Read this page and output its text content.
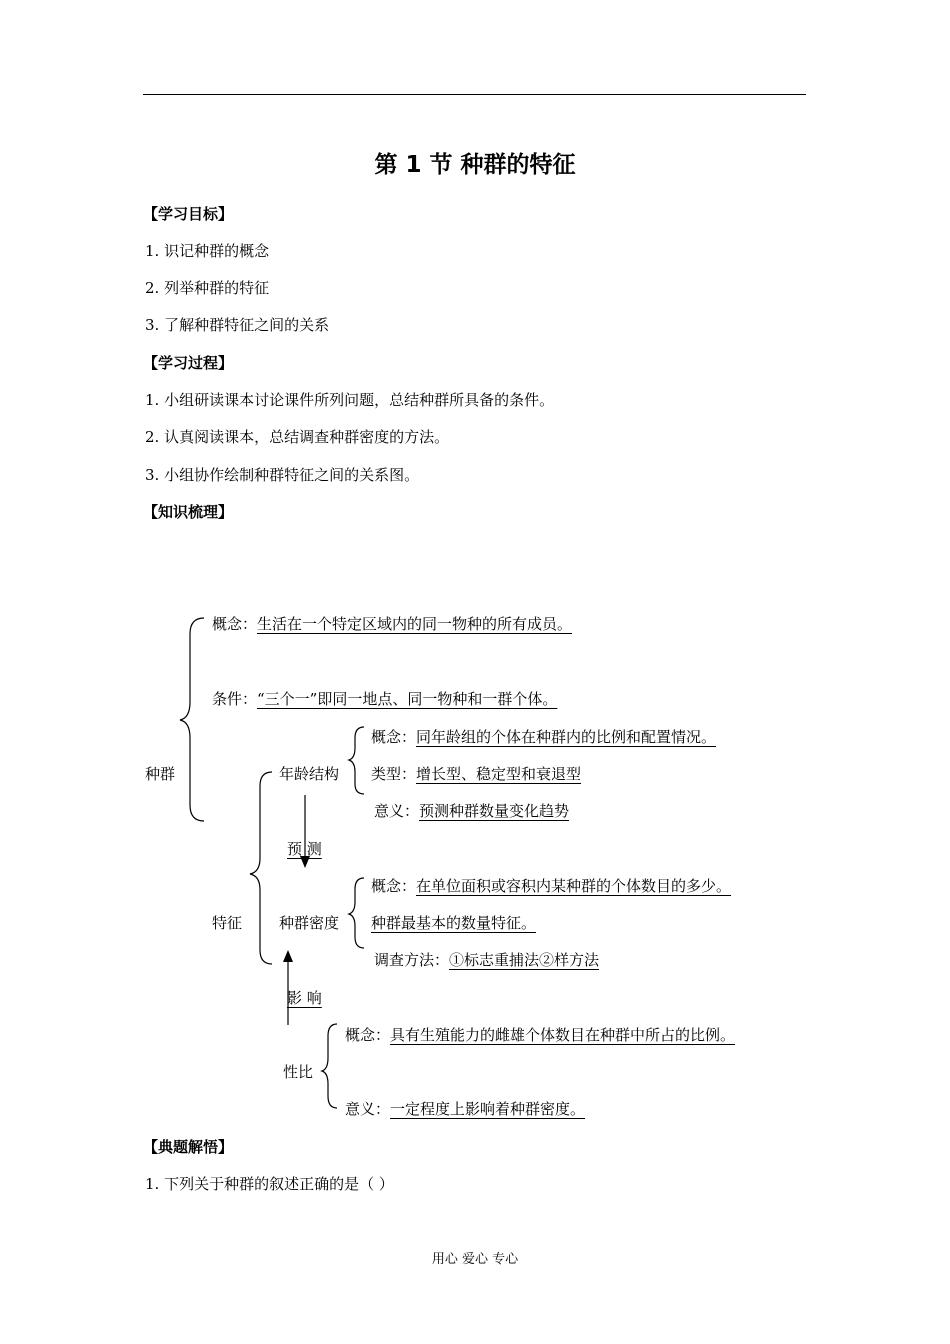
第 1 节 种群的特征
【学习目标】
1. 识记种群的概念
2. 列举种群的特征
3. 了解种群特征之间的关系
【学习过程】
1. 小组研读课本讨论课件所列问题，总结种群所具备的条件。
2. 认真阅读课本，总结调查种群密度的方法。
3. 小组协作绘制种群特征之间的关系图。
【知识梳理】
种群
概念：生活在一个特定区域内的同一物种的所有成员。
条件：“三个一”即同一地点、同一物种和一群个体。
特征
年龄结构
概念：同年龄组的个体在种群内的比例和配置情况。
类型：增长型、稳定型和衰退型
意义：预测种群数量变化趋势
预 测
种群密度
概念：在单位面积或容积内某种群的个体数目的多少。
种群最基本的数量特征。
调查方法：①标志重捕法②样方法
影 响
性比
概念：具有生殖能力的雌雄个体数目在种群中所占的比例。
意义：一定程度上影响着种群密度。
【典题解悟】
1. 下列关于种群的叙述正确的是（ ）
用心 爱心 专心
